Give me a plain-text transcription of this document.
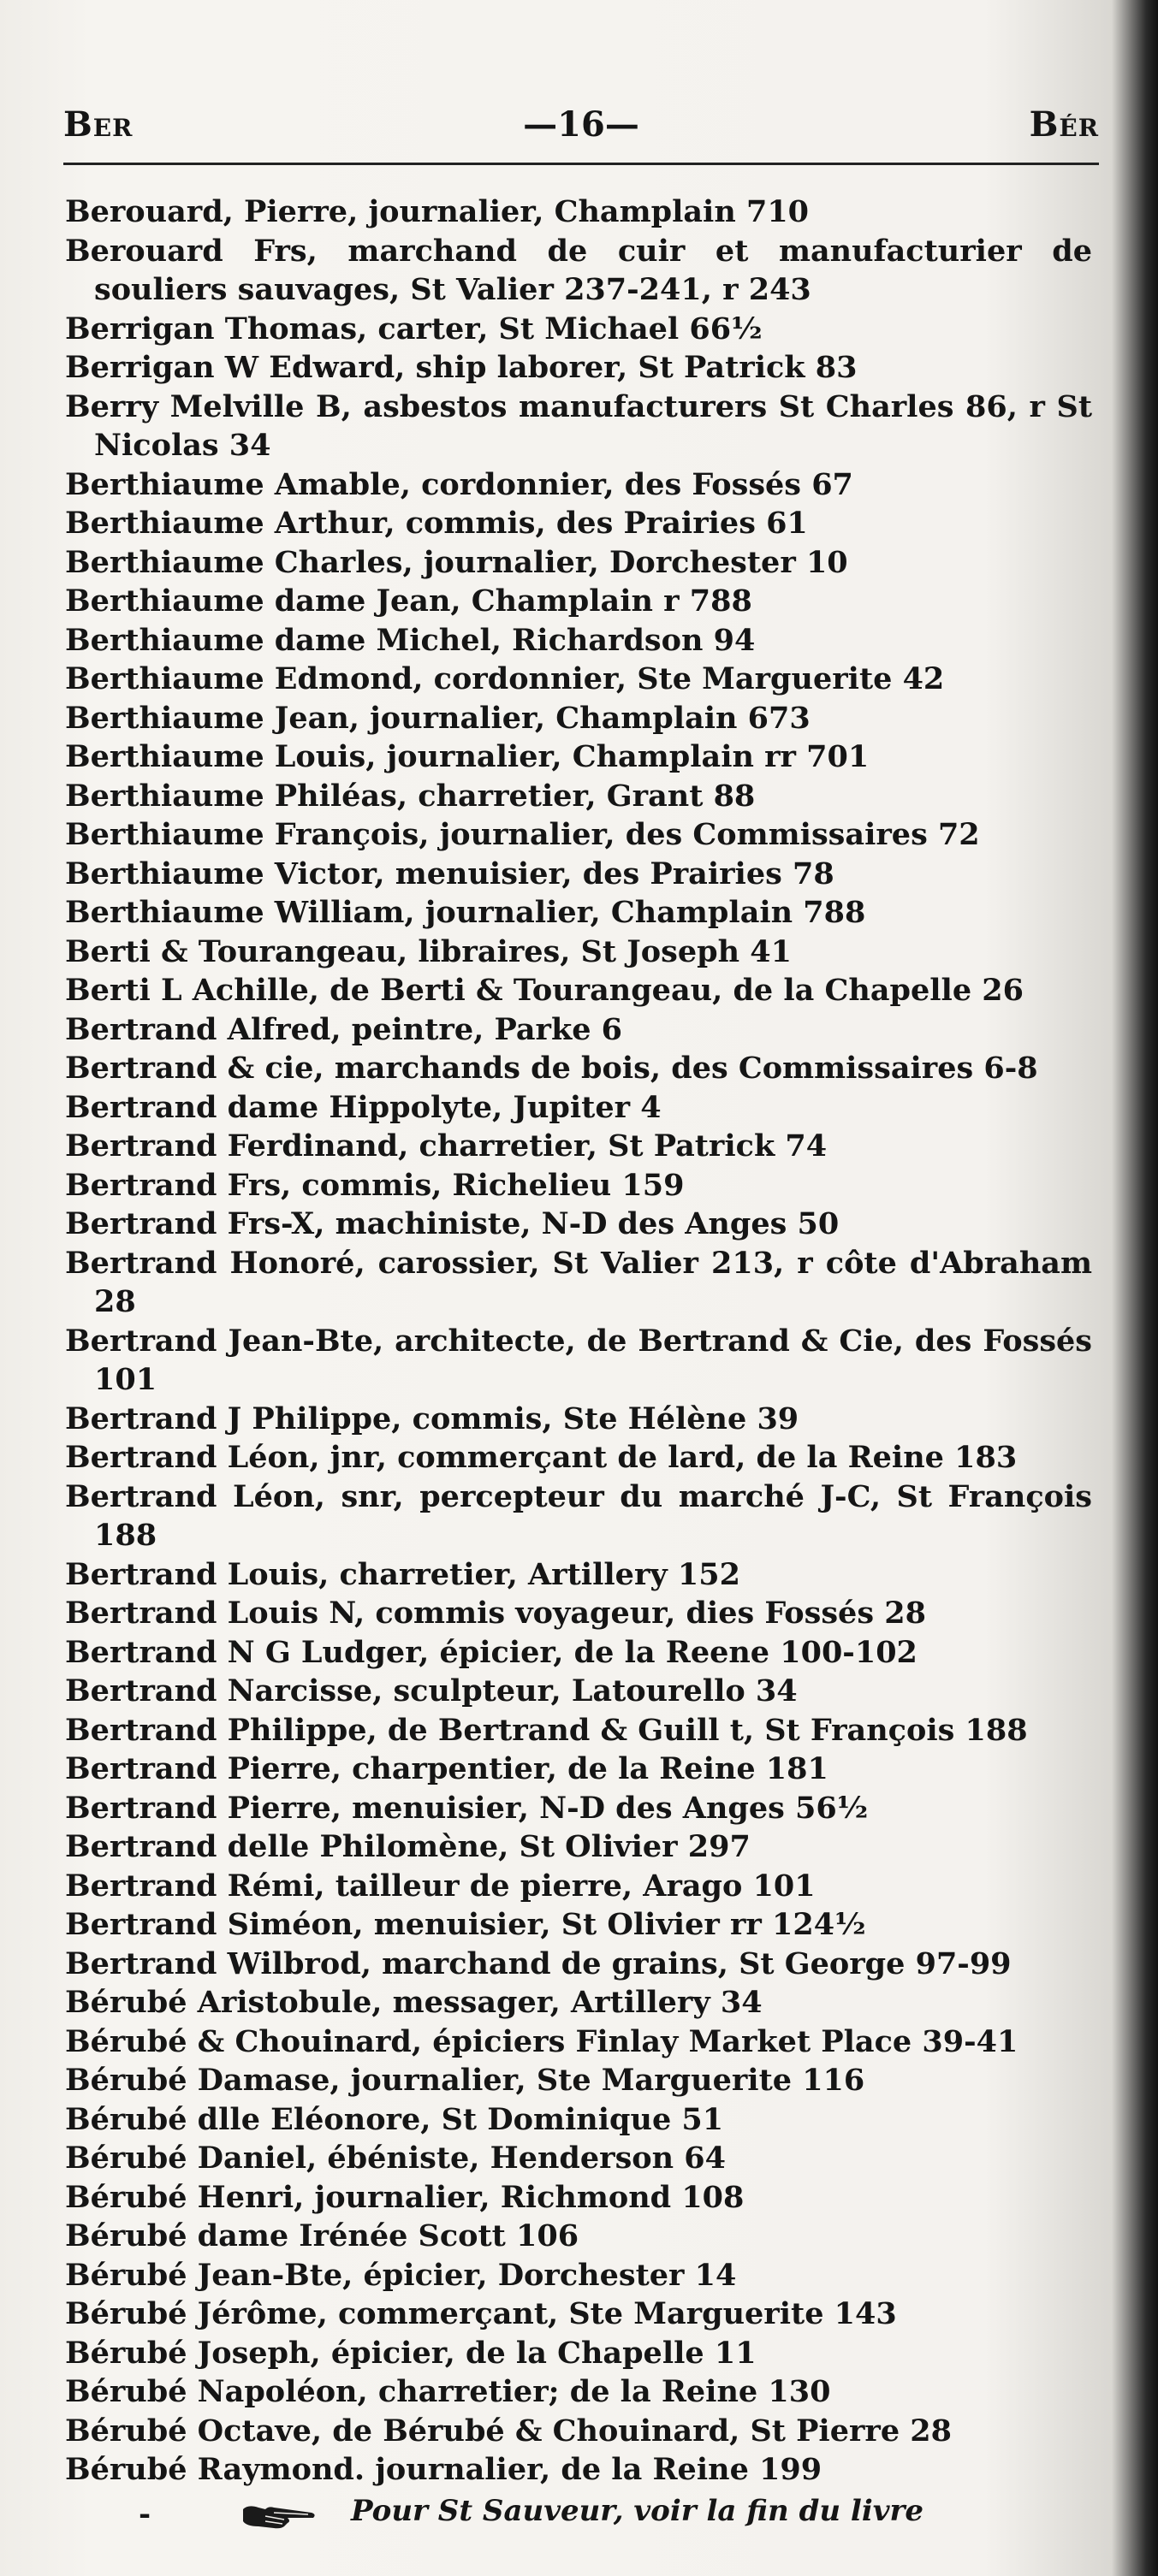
Ber	—16—	Bér
Berouard, Pierre, journalier, Champlain 710
Berouard Frs, marchand de cuir et manufacturier de souliers sauvages, St Valier 237-241, r 243
Berrigan Thomas, carter, St Michael 66½
Berrigan W Edward, ship laborer, St Patrick 83
Berry Melville B, asbestos manufacturers St Charles 86, r St Nicolas 34
Berthiaume Amable, cordonnier, des Fossés 67
Berthiaume Arthur, commis, des Prairies 61
Berthiaume Charles, journalier, Dorchester 10
Berthiaume dame Jean, Champlain r 788
Berthiaume dame Michel, Richardson 94
Berthiaume Edmond, cordonnier, Ste Marguerite 42
Berthiaume Jean, journalier, Champlain 673
Berthiaume Louis, journalier, Champlain rr 701
Berthiaume Philéas, charretier, Grant 88
Berthiaume François, journalier, des Commissaires 72
Berthiaume Victor, menuisier, des Prairies 78
Berthiaume William, journalier, Champlain 788
Berti & Tourangeau, libraires, St Joseph 41
Berti L Achille, de Berti & Tourangeau, de la Chapelle 26
Bertrand Alfred, peintre, Parke 6
Bertrand & cie, marchands de bois, des Commissaires 6-8
Bertrand dame Hippolyte, Jupiter 4
Bertrand Ferdinand, charretier, St Patrick 74
Bertrand Frs, commis, Richelieu 159
Bertrand Frs-X, machiniste, N-D des Anges 50
Bertrand Honoré, carossier, St Valier 213, r côte d'Abraham 28
Bertrand Jean-Bte, architecte, de Bertrand & Cie, des Fossés 101
Bertrand J Philippe, commis, Ste Hélène 39
Bertrand Léon, jnr, commerçant de lard, de la Reine 183
Bertrand Léon, snr, percepteur du marché J-C, St François 188
Bertrand Louis, charretier, Artillery 152
Bertrand Louis N, commis voyageur, dies Fossés 28
Bertrand N G Ludger, épicier, de la Reene 100-102
Bertrand Narcisse, sculpteur, Latourello 34
Bertrand Philippe, de Bertrand & Guill t, St François 188
Bertrand Pierre, charpentier, de la Reine 181
Bertrand Pierre, menuisier, N-D des Anges 56½
Bertrand delle Philomène, St Olivier 297
Bertrand Rémi, tailleur de pierre, Arago 101
Bertrand Siméon, menuisier, St Olivier rr 124½
Bertrand Wilbrod, marchand de grains, St George 97-99
Bérubé Aristobule, messager, Artillery 34
Bérubé & Chouinard, épiciers Finlay Market Place 39-41
Bérubé Damase, journalier, Ste Marguerite 116
Bérubé dlle Eléonore, St Dominique 51
Bérubé Daniel, ébéniste, Henderson 64
Bérubé Henri, journalier, Richmond 108
Bérubé dame Irénée Scott 106
Bérubé Jean-Bte, épicier, Dorchester 14
Bérubé Jérôme, commerçant, Ste Marguerite 143
Bérubé Joseph, épicier, de la Chapelle 11
Bérubé Napoléon, charretier; de la Reine 130
Bérubé Octave, de Bérubé & Chouinard, St Pierre 28
Bérubé Raymond. journalier, de la Reine 199
-	Pour St Sauveur, voir la fin du livre
